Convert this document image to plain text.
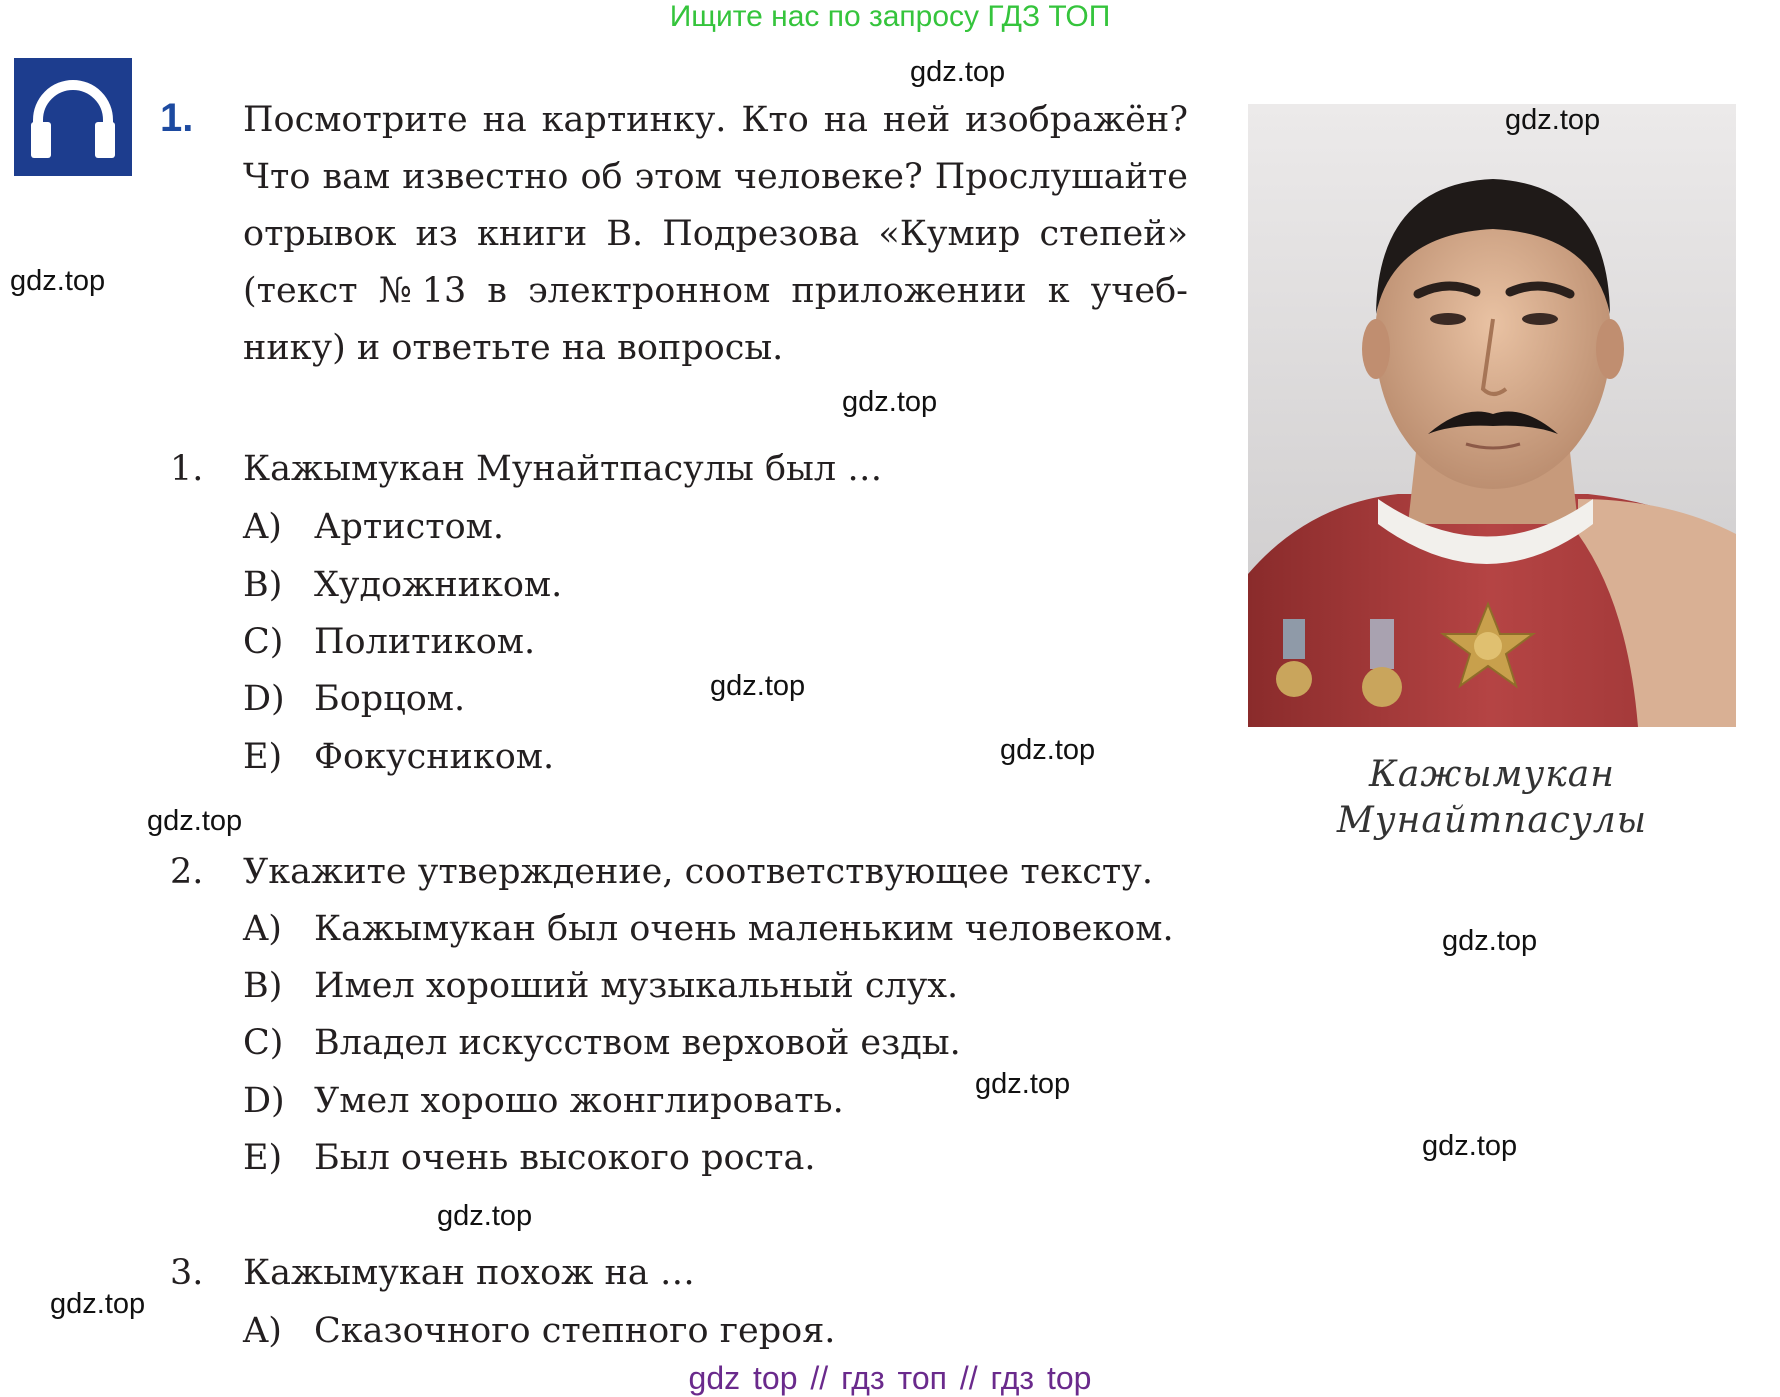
Ищите нас по запросу ГДЗ ТОП
1. Посмотрите на картинку. Кто на ней изображён?
Что вам известно об этом человеке? Прослушайте
отрывок из книги В. Подрезова «Кумир степей»
(текст №13 в электронном приложении к учеб-
нику) и ответьте на вопросы.
1.	Кажымукан Мунайтпасулы был …
A) Артистом.
B) Художником.
C) Политиком.
D) Борцом.
E) Фокусником.
2.	Укажите утверждение, соответствующее тексту.
A) Кажымукан был очень маленьким человеком.
B) Имел хороший музыкальный слух.
C) Владел искусством верховой езды.
D) Умел хорошо жонглировать.
E) Был очень высокого роста.
3.	Кажымукан похож на …
A) Сказочного степного героя.
Кажымукан
Мунайтпасулы
gdz.top
gdz.top
gdz.top
gdz.top
gdz.top
gdz.top
gdz.top
gdz.top
gdz.top
gdz.top
gdz.top
gdz.top
gdz top // гдз топ // гдз top
